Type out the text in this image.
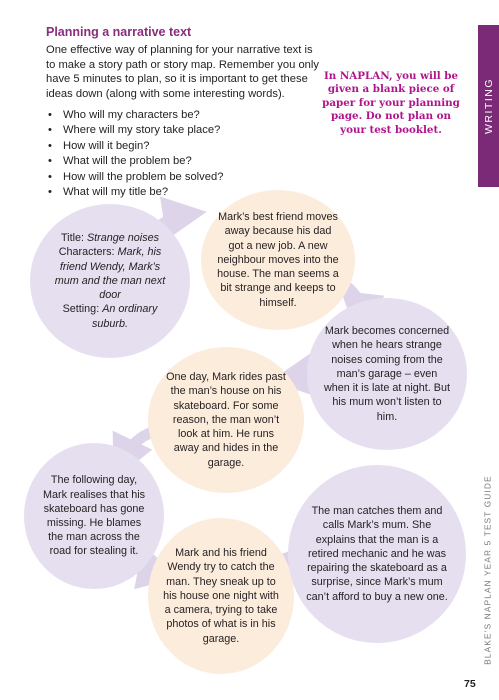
Planning a narrative text

One effective way of planning for your narrative text is to make a story path or story map. Remember you only have 5 minutes to plan, so it is important to get these ideas down (along with some interesting words).

• Who will my characters be?
• Where will my story take place?
• How will it begin?
• What will the problem be?
• How will the problem be solved?
• What will my title be?
In NAPLAN, you will be given a blank piece of paper for your planning page. Do not plan on your test booklet.	WRITING
Title: Strange noises
Characters: Mark, his friend Wendy, Mark’s mum and the man next door
Setting: An ordinary suburb.
Mark’s best friend moves away because his dad got a new job. A new neighbour moves into the house. The man seems a bit strange and keeps to himself.
Mark becomes concerned when he hears strange noises coming from the man’s garage – even when it is late at night. But his mum won’t listen to him.
One day, Mark rides past the man’s house on his skateboard. For some reason, the man won’t look at him. He runs away and hides in the garage.
The following day, Mark realises that his skateboard has gone missing. He blames the man across the road for stealing it.	Mark and his friend Wendy try to catch the man. They sneak up to his house one night with a camera, trying to take photos of what is in his garage.
The man catches them and calls Mark’s mum. She explains that the man is a retired mechanic and he was repairing the skateboard as a surprise, since Mark’s mum can’t afford to buy a new one.	BLAKE’S NAPLAN YEAR 5 TEST GUIDE
75
